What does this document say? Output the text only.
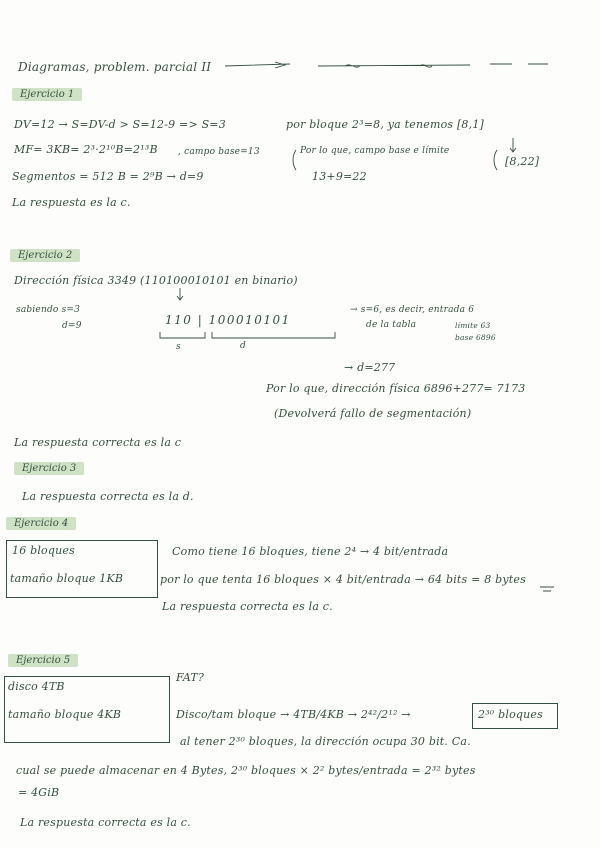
Diagramas, problem. parcial II
Ejercicio 1
DV=12 → S=DV-d > S=12-9 => S=3	por bloque 2³=8, ya tenemos [8,1]
MF= 3KB= 2³·2¹⁰B=2¹³B , campo base=13	Por lo que, campo base e límite
Segmentos = 512 B = 2⁹B → d=9	13+9=22
[8,22]
La respuesta es la c.
Ejercicio 2
Dirección física 3349 (110100010101 en binario)
sabiendo s=3
d=9	110 | 100010101
s	d
→ s=6, es decir, entrada 6
de la tabla	límite 63
base 6896
→ d=277
Por lo que, dirección física 6896+277= 7173
(Devolverá fallo de segmentación)
La respuesta correcta es la c
Ejercicio 3
La respuesta correcta es la d.
Ejercicio 4
16 bloques
tamaño bloque 1KB
Como tiene 16 bloques, tiene 2⁴ → 4 bit/entrada
por lo que tenta 16 bloques × 4 bit/entrada → 64 bits = 8 bytes
La respuesta correcta es la c.
Ejercicio 5
disco 4TB
tamaño bloque 4KB
FAT?
Disco/tam bloque → 4TB/4KB → 2⁴²/2¹² →	2³⁰ bloques
al tener 2³⁰ bloques, la dirección ocupa 30 bit. Ca.
cual se puede almacenar en 4 Bytes, 2³⁰ bloques × 2² bytes/entrada = 2³² bytes
= 4GiB
La respuesta correcta es la c.
